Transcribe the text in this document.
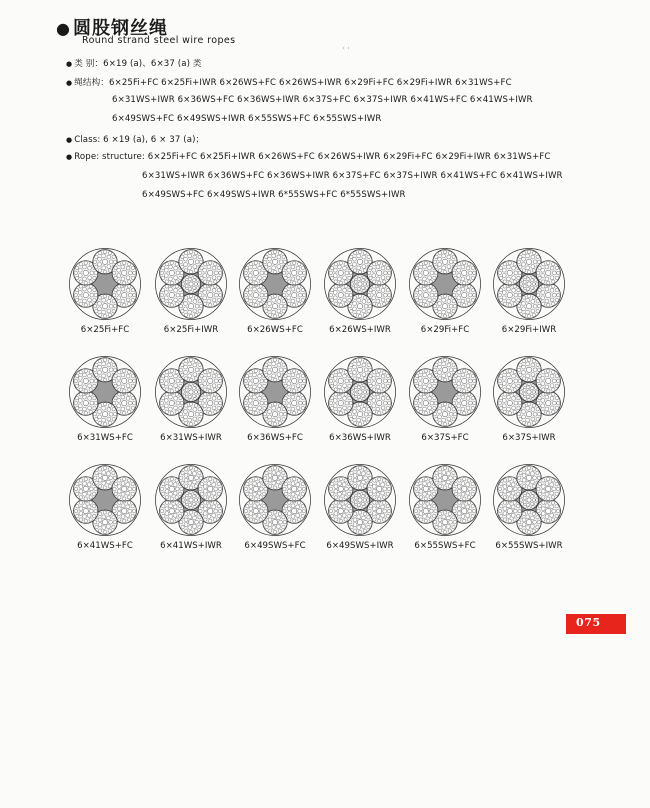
● 圆股钢丝绳
Round strand steel wire ropes
· ·
● 类 别：6×19 (a)、6×37 (a) 类
● 绳结构：6×25Fi+FC 6×25Fi+IWR 6×26WS+FC 6×26WS+IWR 6×29Fi+FC 6×29Fi+IWR 6×31WS+FC
6×31WS+IWR 6×36WS+FC 6×36WS+IWR 6×37S+FC 6×37S+IWR 6×41WS+FC 6×41WS+IWR
6×49SWS+FC 6×49SWS+IWR 6×55SWS+FC 6×55SWS+IWR
● Class: 6 ×19 (a), 6 × 37 (a)；
● Rope: structure: 6×25Fi+FC 6×25Fi+IWR 6×26WS+FC 6×26WS+IWR 6×29Fi+FC 6×29Fi+IWR 6×31WS+FC
6×31WS+IWR 6×36WS+FC 6×36WS+IWR 6×37S+FC 6×37S+IWR 6×41WS+FC 6×41WS+IWR
6×49SWS+FC 6×49SWS+IWR 6*55SWS+FC 6*55SWS+IWR
6×25Fi+FC	6×25Fi+IWR	6×26WS+FC	6×26WS+IWR	6×29Fi+FC	6×29Fi+IWR
6×31WS+FC	6×31WS+IWR	6×36WS+FC	6×36WS+IWR	6×37S+FC	6×37S+IWR
6×41WS+FC	6×41WS+IWR	6×49SWS+FC	6×49SWS+IWR	6×55SWS+FC	6×55SWS+IWR
075
